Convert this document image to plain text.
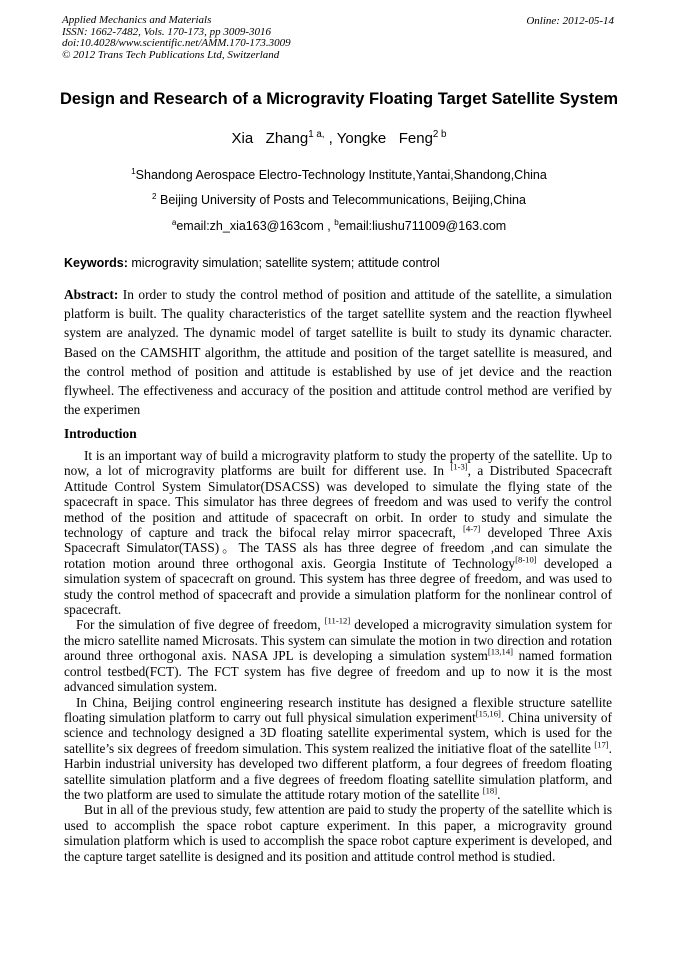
Applied Mechanics and Materials
ISSN: 1662-7482, Vols. 170-173, pp 3009-3016
doi:10.4028/www.scientific.net/AMM.170-173.3009
© 2012 Trans Tech Publications Ltd, Switzerland
Online: 2012-05-14
Design and Research of a Microgravity Floating Target Satellite System
Xia   Zhang$^{1 a,}$ , Yongke   Feng$^{2 b}$
$^1$Shandong Aerospace Electro-Technology Institute,Yantai,Shandong,China
$^2$ Beijing University of Posts and Telecommunications, Beijing,China
$^a$email:zh_xia163@163com , $^b$email:liushu711009@163.com
Keywords: microgravity simulation; satellite system; attitude control

Abstract: In order to study the control method of position and attitude of the satellite, a simulation platform is built. The quality characteristics of the target satellite system and the reaction flywheel system are analyzed. The dynamic model of target satellite is built to study its dynamic character. Based on the CAMSHIT algorithm, the attitude and position of the target satellite is measured, and the control method of position and attitude is established by use of jet device and the reaction flywheel. The effectiveness and accuracy of the position and attitude control method are verified by the experimen

Introduction

It is an important way of build a microgravity platform to study the property of the satellite. Up to now, a lot of microgravity platforms are built for different use. In [1-3], a Distributed Spacecraft Attitude Control System Simulator(DSACSS) was developed to simulate the flying state of the spacecraft in space. This simulator has three degrees of freedom and was used to verify the control method of the position and attitude of spacecraft on orbit. In order to study and simulate the technology of capture and track the bifocal relay mirror spacecraft, [4-7] developed Three Axis Spacecraft Simulator(TASS)。The TASS als has three degree of freedom ,and can simulate the rotation motion around three orthogonal axis. Georgia Institute of Technology[8-10] developed a simulation system of spacecraft on ground. This system has three degree of freedom, and was used to study the control method of spacecraft and provide a simulation platform for the nonlinear control of spacecraft.

For the simulation of five degree of freedom, [11-12] developed a microgravity simulation system for the micro satellite named Microsats. This system can simulate the motion in two direction and rotation around three orthogonal axis. NASA JPL is developing a simulation system[13,14] named formation control testbed(FCT). The FCT system has five degree of freedom and up to now it is the most advanced simulation system.

In China, Beijing control engineering research institute has designed a flexible structure satellite floating simulation platform to carry out full physical simulation experiment[15,16]. China university of science and technology designed a 3D floating satellite experimental system, which is used for the satellite’s six degrees of freedom simulation. This system realized the initiative float of the satellite [17]. Harbin industrial university has developed two different platform, a four degrees of freedom floating satellite simulation platform and a five degrees of freedom floating satellite simulation platform, and the two platform are used to simulate the attitude rotary motion of the satellite [18].

But in all of the previous study, few attention are paid to study the property of the satellite which is used to accomplish the space robot capture experiment. In this paper, a microgravity ground simulation platform which is used to accomplish the space robot capture experiment is developed, and the capture target satellite is designed and its position and attitude control method is studied.
